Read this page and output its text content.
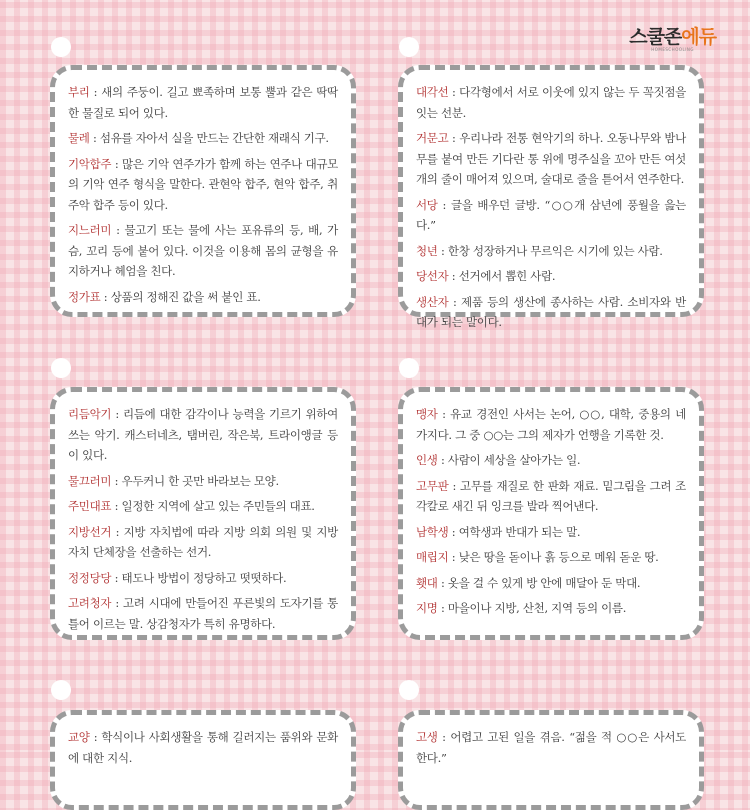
스쿨존에듀
HOMESCHOOLING
부리 : 새의 주둥이. 길고 뾰족하며 보통 뿔과 같은 딱딱한 물질로 되어 있다.
물레 : 섬유를 자아서 실을 만드는 간단한 재래식 기구.
기악합주 : 많은 기악 연주가가 함께 하는 연주나 대규모의 기악 연주 형식을 말한다. 관현악 합주, 현악 합주, 취주악 합주 등이 있다.
지느러미 : 물고기 또는 물에 사는 포유류의 등, 배, 가슴, 꼬리 등에 붙어 있다. 이것을 이용해 몸의 균형을 유지하거나 헤엄을 친다.
정가표 : 상품의 정해진 값을 써 붙인 표.
대각선 : 다각형에서 서로 이웃에 있지 않는 두 꼭짓점을 잇는 선분.
거문고 : 우리나라 전통 현악기의 하나. 오동나무와 밤나무를 붙여 만든 기다란 통 위에 명주실을 꼬아 만든 여섯 개의 줄이 매어져 있으며, 술대로 줄을 튿어서 연주한다.
서당 : 글을 배우던 글방. “○○개 삼년에 풍월을 읊는다.”
청년 : 한창 성장하거나 무르익은 시기에 있는 사람.
당선자 : 선거에서 뽑힌 사람.
생산자 : 제품 등의 생산에 종사하는 사람. 소비자와 반대가 되는 말이다.
리듬악기 : 리듬에 대한 감각이나 능력을 기르기 위하여 쓰는 악기. 캐스터네츠, 탬버린, 작은북, 트라이앵글 등이 있다.
물끄러미 : 우두커니 한 곳만 바라보는 모양.
주민대표 : 일정한 지역에 살고 있는 주민들의 대표.
지방선거 : 지방 자치법에 따라 지방 의회 의원 및 지방 자치 단체장을 선출하는 선거.
정정당당 : 태도나 방법이 정당하고 떳떳하다.
고려청자 : 고려 시대에 만들어진 푸른빛의 도자기를 통틀어 이르는 말. 상감청자가 특히 유명하다.
맹자 : 유교 경전인 사서는 논어, ○○, 대학, 중용의 네 가지다. 그 중 ○○는 그의 제자가 언행을 기록한 것.
인생 : 사람이 세상을 살아가는 일.
고무판 : 고무를 재질로 한 판화 재료. 밑그림을 그려 조각칼로 새긴 뒤 잉크를 발라 찍어낸다.
남학생 : 여학생과 반대가 되는 말.
매립지 : 낮은 땅을 돋이나 흙 등으로 메워 돋운 땅.
횃대 : 옷을 걸 수 있게 방 안에 매달아 둔 막대.
지명 : 마을이나 지방, 산천, 지역 등의 이름.
교양 : 학식이나 사회생활을 통해 길러지는 품위와 문화에 대한 지식.
고생 : 어렵고 고된 일을 겪음. “젊을 적 ○○은 사서도 한다.”
